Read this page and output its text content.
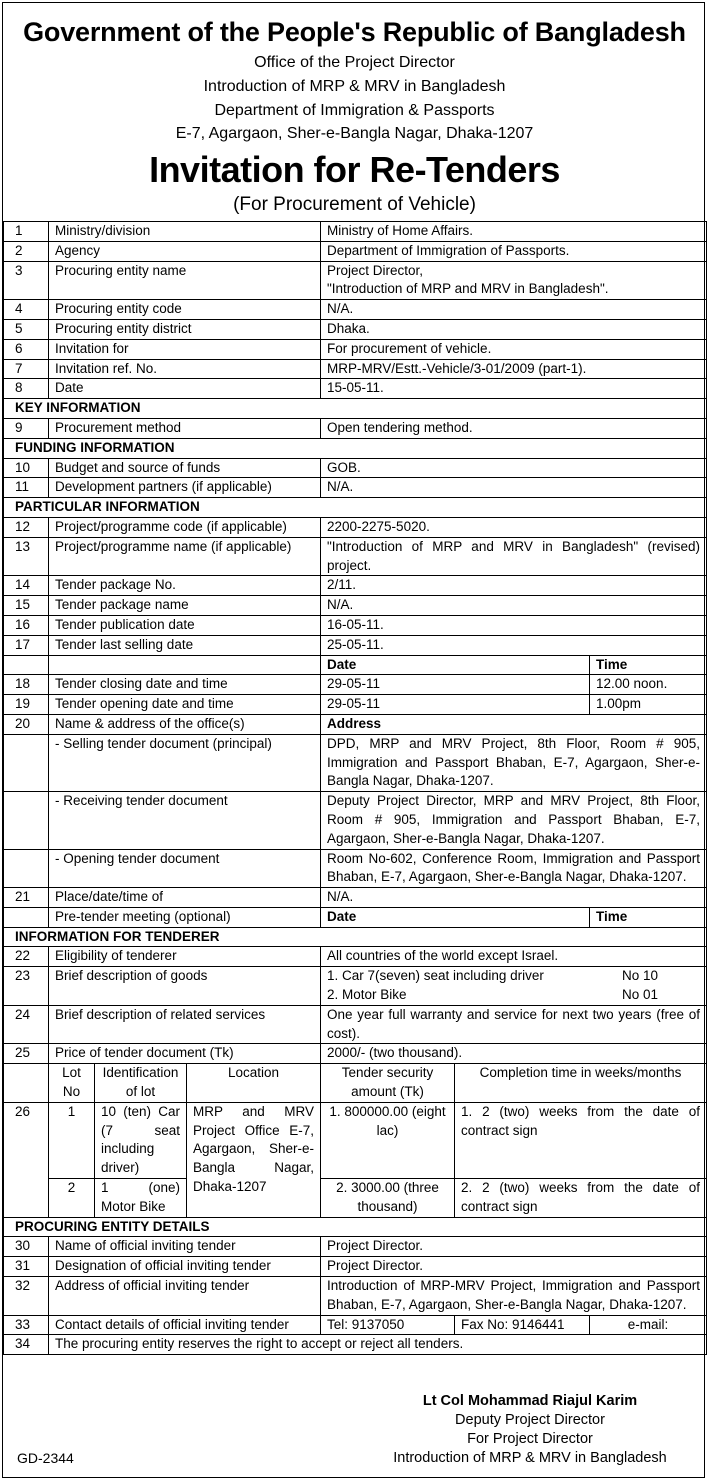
Government of the People's Republic of Bangladesh
Office of the Project Director
Introduction of MRP & MRV in Bangladesh
Department of Immigration & Passports
E-7, Agargaon, Sher-e-Bangla Nagar, Dhaka-1207
Invitation for Re-Tenders
(For Procurement of Vehicle)
1	Ministry/division			Ministry of Home Affairs.		
2	Agency			Department of Immigration of Passports.		
3	Procuring entity name			Project Director,
"Introduction of MRP and MRV in Bangladesh".		

4	Procuring entity code			N/A.		
5	Procuring entity district			Dhaka.		
6	Invitation for			For procurement of vehicle.		
7	Invitation ref. No.			MRP-MRV/Estt.-Vehicle/3-01/2009 (part-1).		
8	Date			15-05-11.		
KEY INFORMATION						
9	Procurement method			Open tendering method.		
FUNDING INFORMATION						
10	Budget and source of funds			GOB.		
11	Development partners (if applicable)			N/A.		
PARTICULAR INFORMATION						
12	Project/programme code (if applicable)			2200-2275-5020.		
13	Project/programme name (if applicable)			"Introduction of MRP and MRV in Bangladesh" (revised) project.		
14	Tender package No.			2/11.		
15	Tender package name			N/A.		
16	Tender publication date			16-05-11.		
17	Tender last selling date			25-05-11.		
				Date		Time
18	Tender closing date and time			29-05-11		12.00 noon.
19	Tender opening date and time			29-05-11		1.00pm
20	Name & address of the office(s)			Address		
	- Selling tender document (principal)			DPD, MRP and MRV Project, 8th Floor, Room # 905, Immigration and Passport Bhaban, E-7, Agargaon, Sher-e-Bangla Nagar, Dhaka-1207.		
	- Receiving tender document			Deputy Project Director, MRP and MRV Project, 8th Floor, Room # 905, Immigration and Passport Bhaban, E-7, Agargaon, Sher-e-Bangla Nagar, Dhaka-1207.		
	- Opening tender document			Room No-602, Conference Room, Immigration and Passport Bhaban, E-7, Agargaon, Sher-e-Bangla Nagar, Dhaka-1207.		
21	Place/date/time of			N/A.		
	Pre-tender meeting (optional)			Date		Time
INFORMATION FOR TENDERER						
22	Eligibility of tenderer			All countries of the world except Israel.		
23	Brief description of goods			1. Car 7(seven) seat including driver No 10
2. Motor Bike No 01		

24	Brief description of related services			One year full warranty and service for next two years (free of cost).		
25	Price of tender document (Tk)			2000/- (two thousand).		
	Lot No	Identification of lot	Location	Tender security amount (Tk)	Completion time in weeks/months	
26	1	10 (ten) Car (7 seat including driver)	MRP and MRV Project Office E-7, Agargaon, Sher-e-Bangla Nagar, Dhaka-1207	1. 800000.00 (eight lac)	1. 2 (two) weeks from the date of contract sign	
	2	1 (one) Motor Bike		2. 3000.00 (three thousand)	2. 2 (two) weeks from the date of contract sign	
PROCURING ENTITY DETAILS						
30	Name of official inviting tender			Project Director.		
31	Designation of official inviting tender			Project Director.		
32	Address of official inviting tender			Introduction of MRP-MRV Project, Immigration and Passport Bhaban, E-7, Agargaon, Sher-e-Bangla Nagar, Dhaka-1207.		
33	Contact details of official inviting tender			Tel: 9137050	Fax No: 9146441	e-mail:
34	The procuring entity reserves the right to accept or reject all tenders.					
Lt Col Mohammad Riajul Karim
Deputy Project Director
For Project Director
Introduction of MRP & MRV in Bangladesh
GD-2344
